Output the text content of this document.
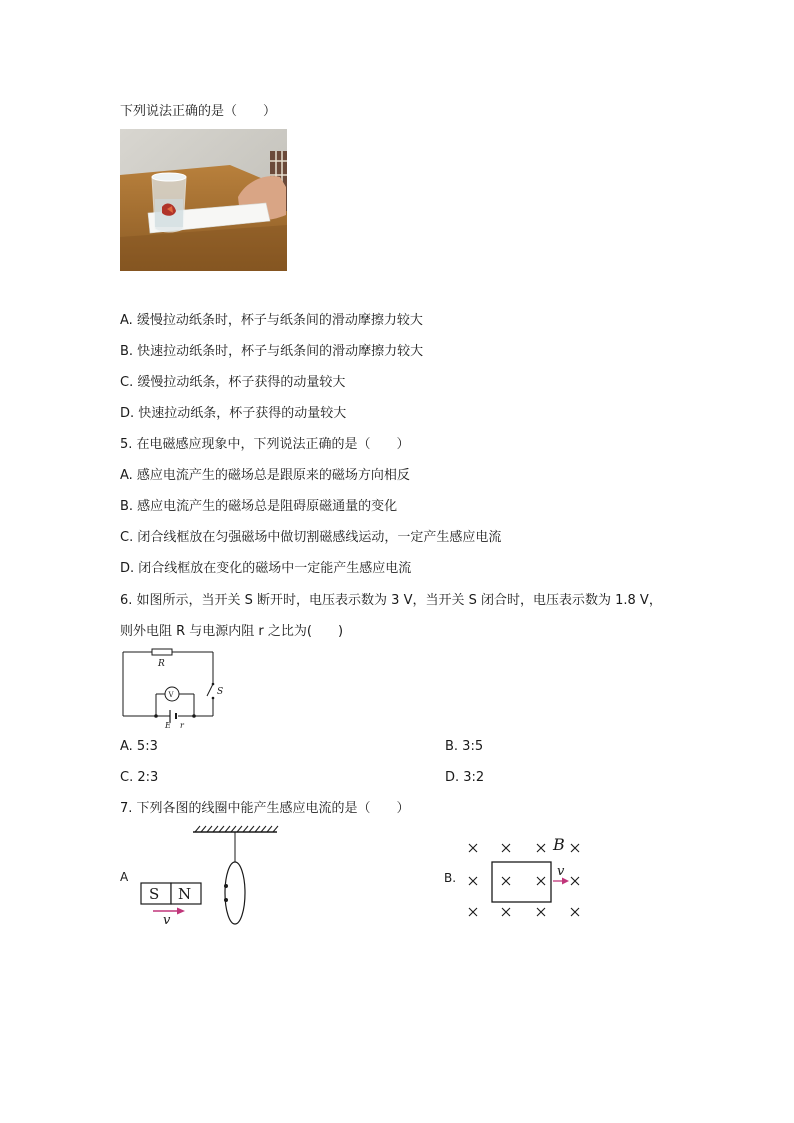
下列说法正确的是（　　）
A. 缓慢拉动纸条时，杯子与纸条间的滑动摩擦力较大
B. 快速拉动纸条时，杯子与纸条间的滑动摩擦力较大
C. 缓慢拉动纸条，杯子获得的动量较大
D. 快速拉动纸条，杯子获得的动量较大
5. 在电磁感应现象中，下列说法正确的是（　　）
A. 感应电流产生的磁场总是跟原来的磁场方向相反
B. 感应电流产生的磁场总是阻碍原磁通量的变化
C. 闭合线框放在匀强磁场中做切割磁感线运动，一定产生感应电流
D. 闭合线框放在变化的磁场中一定能产生感应电流
6. 如图所示，当开关 S 断开时，电压表示数为 3 V，当开关 S 闭合时，电压表示数为 1.8 V，
则外电阻 R 与电源内阻 r 之比为(　　)
R
S
V
E r
A. 5:3	B. 3:5
C. 2:3	D. 3:2
7. 下列各图的线圈中能产生感应电流的是（　　）
A
S N
v
B.
B
v
